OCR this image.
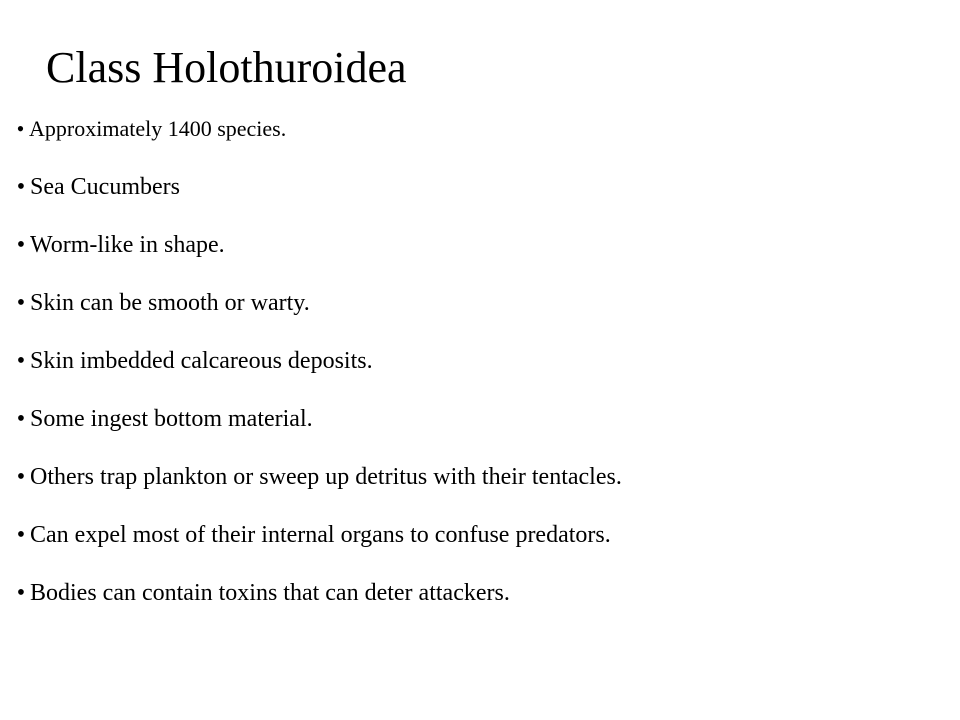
Class Holothuroidea
• Approximately 1400 species.
• Sea Cucumbers
• Worm-like in shape.
• Skin can be smooth or warty.
• Skin imbedded calcareous deposits.
• Some ingest bottom material.
• Others trap plankton or sweep up detritus with their tentacles.
• Can expel most of their internal organs to confuse predators.
• Bodies can contain toxins that can deter attackers.
